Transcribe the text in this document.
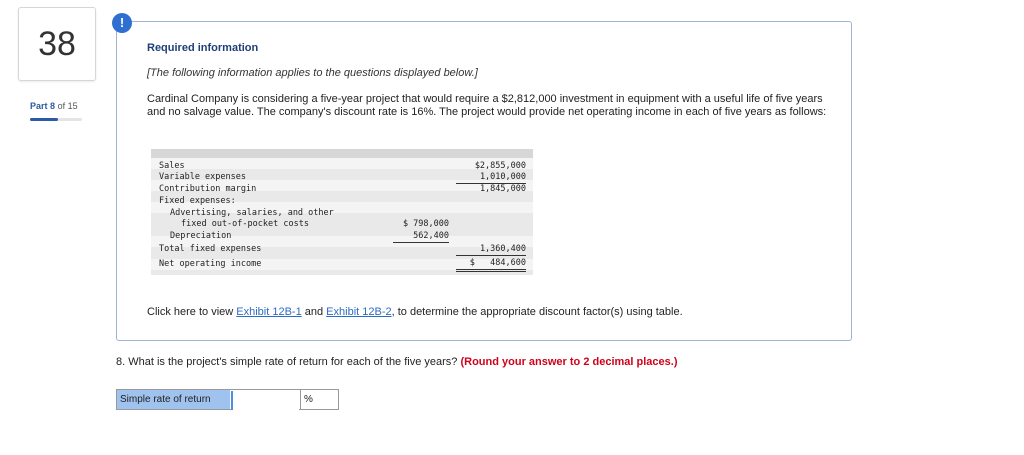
38
Part 8 of 15
Required information
[The following information applies to the questions displayed below.]
Cardinal Company is considering a five-year project that would require a $2,812,000 investment in equipment with a useful life of five years and no salvage value. The company's discount rate is 16%. The project would provide net operating income in each of five years as follows:
Sales	$2,855,000
Variable expenses	1,010,000
Contribution margin	1,845,000
Fixed expenses:
Advertising, salaries, and other
fixed out-of-pocket costs	$ 798,000
Depreciation	562,400
Total fixed expenses	1,360,400
Net operating income	$   484,600
Click here to view Exhibit 12B-1 and Exhibit 12B-2, to determine the appropriate discount factor(s) using table.
!
8. What is the project's simple rate of return for each of the five years? (Round your answer to 2 decimal places.)
Simple rate of return	%
